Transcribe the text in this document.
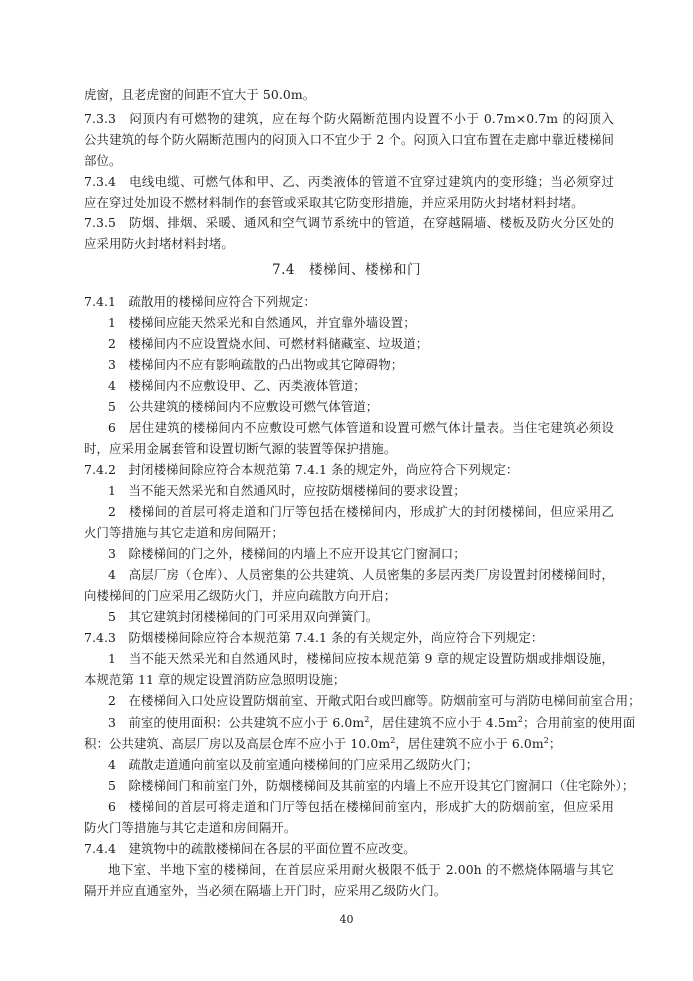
虎窗，且老虎窗的间距不宜大于 50.0m。
7.3.3　闷顶内有可燃物的建筑，应在每个防火隔断范围内设置不小于 0.7m×0.7m 的闷顶入
公共建筑的每个防火隔断范围内的闷顶入口不宜少于 2 个。闷顶入口宜布置在走廊中靠近楼梯间
部位。
7.3.4　电线电缆、可燃气体和甲、乙、丙类液体的管道不宜穿过建筑内的变形缝；当必须穿过
应在穿过处加设不燃材料制作的套管或采取其它防变形措施，并应采用防火封堵材料封堵。
7.3.5　防烟、排烟、采暖、通风和空气调节系统中的管道，在穿越隔墙、楼板及防火分区处的
应采用防火封堵材料封堵。
7.4.1　疏散用的楼梯间应符合下列规定：
1　楼梯间应能天然采光和自然通风，并宜靠外墙设置；
2　楼梯间内不应设置烧水间、可燃材料储藏室、垃圾道；
3　楼梯间内不应有影响疏散的凸出物或其它障碍物；
4　楼梯间内不应敷设甲、乙、丙类液体管道；
5　公共建筑的楼梯间内不应敷设可燃气体管道；
6　居住建筑的楼梯间内不应敷设可燃气体管道和设置可燃气体计量表。当住宅建筑必须设
时，应采用金属套管和设置切断气源的装置等保护措施。
7.4.2　封闭楼梯间除应符合本规范第 7.4.1 条的规定外，尚应符合下列规定：
1　当不能天然采光和自然通风时，应按防烟楼梯间的要求设置；
2　楼梯间的首层可将走道和门厅等包括在楼梯间内，形成扩大的封闭楼梯间，但应采用乙
火门等措施与其它走道和房间隔开；
3　除楼梯间的门之外，楼梯间的内墙上不应开设其它门窗洞口；
4　高层厂房（仓库）、人员密集的公共建筑、人员密集的多层丙类厂房设置封闭楼梯间时，
向楼梯间的门应采用乙级防火门，并应向疏散方向开启；
5　其它建筑封闭楼梯间的门可采用双向弹簧门。
7.4.3　防烟楼梯间除应符合本规范第 7.4.1 条的有关规定外，尚应符合下列规定：
1　当不能天然采光和自然通风时，楼梯间应按本规范第 9 章的规定设置防烟或排烟设施，
本规范第 11 章的规定设置消防应急照明设施；
2　在楼梯间入口处应设置防烟前室、开敞式阳台或凹廊等。防烟前室可与消防电梯间前室合用；
4　疏散走道通向前室以及前室通向楼梯间的门应采用乙级防火门；
5　除楼梯间门和前室门外，防烟楼梯间及其前室的内墙上不应开设其它门窗洞口（住宅除外）；
6　楼梯间的首层可将走道和门厅等包括在楼梯间前室内，形成扩大的防烟前室，但应采用
防火门等措施与其它走道和房间隔开。
7.4.4　建筑物中的疏散楼梯间在各层的平面位置不应改变。
地下室、半地下室的楼梯间，在首层应采用耐火极限不低于 2.00h 的不燃烧体隔墙与其它
隔开并应直通室外，当必须在隔墙上开门时，应采用乙级防火门。
7.4　楼梯间、楼梯和门
3　前室的使用面积：公共建筑不应小于 $6.0m^2$，居住建筑不应小于 $4.5m^2$；合用前室的使用面
积：公共建筑、高层厂房以及高层仓库不应小于 $10.0m^2$，居住建筑不应小于 $6.0m^2$；
40
